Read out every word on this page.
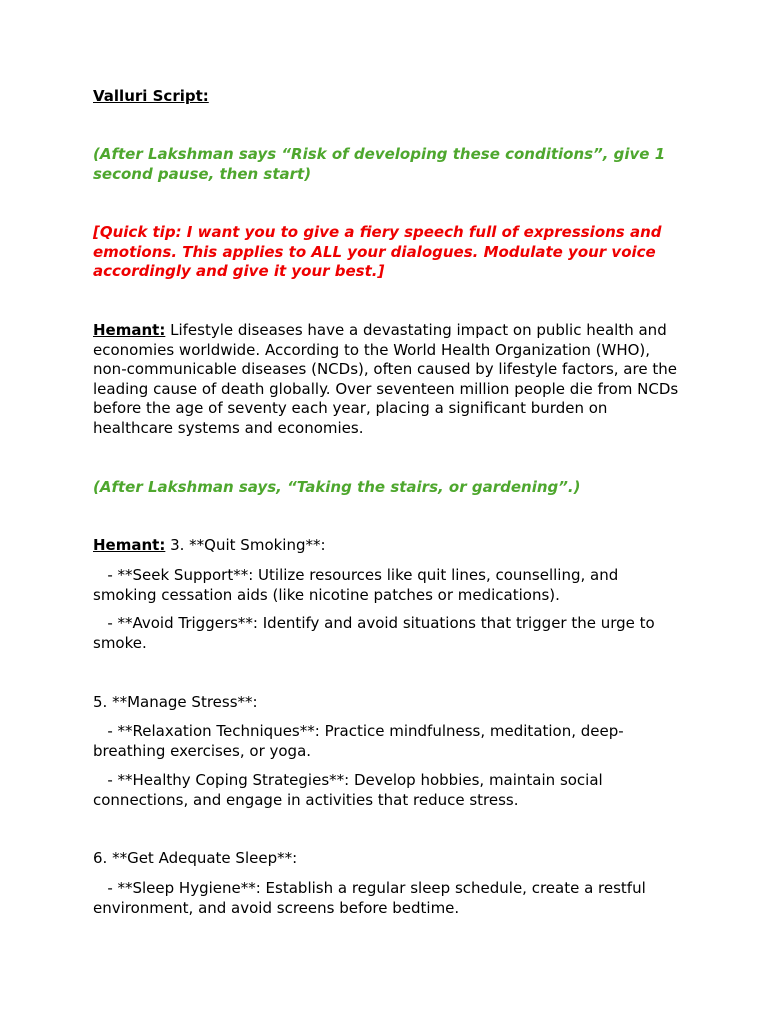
Valluri Script:

(After Lakshman says “Risk of developing these conditions”, give 1 second pause, then start)

[Quick tip: I want you to give a fiery speech full of expressions and emotions. This applies to ALL your dialogues. Modulate your voice accordingly and give it your best.]

Hemant: Lifestyle diseases have a devastating impact on public health and economies worldwide. According to the World Health Organization (WHO), non-communicable diseases (NCDs), often caused by lifestyle factors, are the leading cause of death globally. Over seventeen million people die from NCDs before the age of seventy each year, placing a significant burden on healthcare systems and economies.

(After Lakshman says, “Taking the stairs, or gardening”.)

Hemant: 3. **Quit Smoking**:

- **Seek Support**: Utilize resources like quit lines, counselling, and smoking cessation aids (like nicotine patches or medications).

- **Avoid Triggers**: Identify and avoid situations that trigger the urge to smoke.

5. **Manage Stress**:

- **Relaxation Techniques**: Practice mindfulness, meditation, deep-breathing exercises, or yoga.

- **Healthy Coping Strategies**: Develop hobbies, maintain social connections, and engage in activities that reduce stress.

6. **Get Adequate Sleep**:

- **Sleep Hygiene**: Establish a regular sleep schedule, create a restful environment, and avoid screens before bedtime.
